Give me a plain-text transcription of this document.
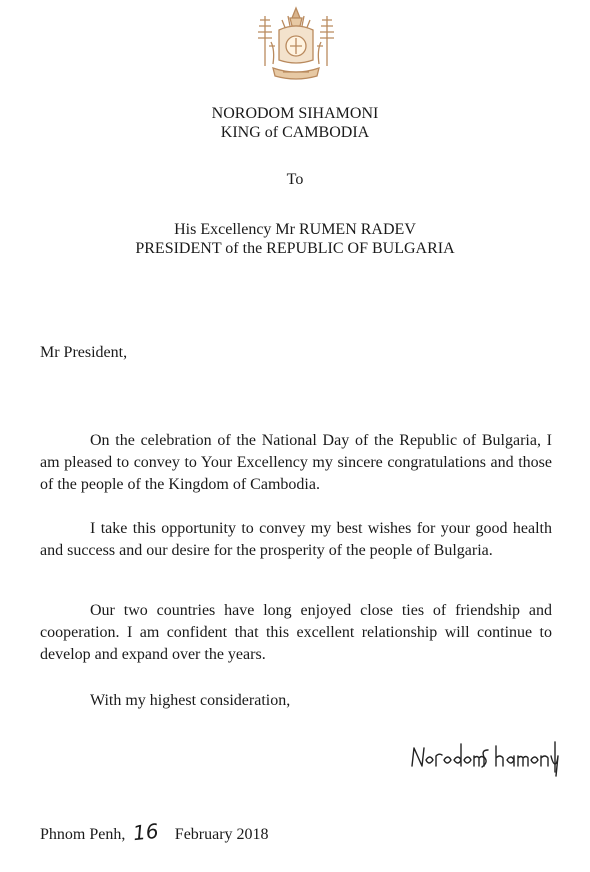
NORODOM SIHAMONI
KING of CAMBODIA
To
His Excellency Mr RUMEN RADEV
PRESIDENT of the REPUBLIC OF BULGARIA
Mr President,

On the celebration of the National Day of the Republic of Bulgaria, I am pleased to convey to Your Excellency my sincere congratulations and those of the people of the Kingdom of Cambodia.

I take this opportunity to convey my best wishes for your good health and success and our desire for the prosperity of the people of Bulgaria.

Our two countries have long enjoyed close ties of friendship and cooperation. I am confident that this excellent relationship will continue to develop and expand over the years.

With my highest consideration,
Phnom Penh, 16 February 2018
